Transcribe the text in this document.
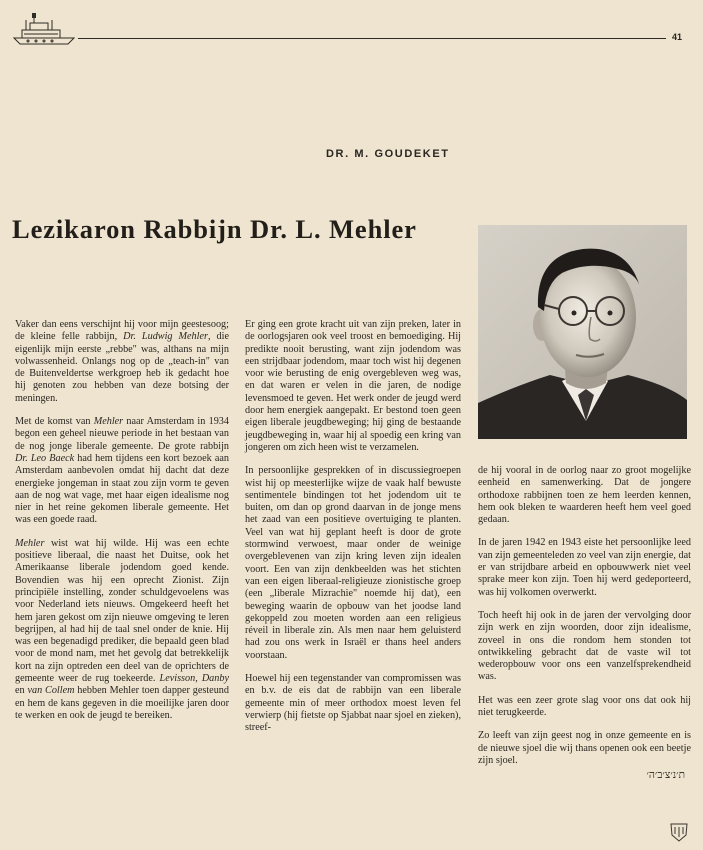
41
DR. M. GOUDEKET
Lezikaron Rabbijn Dr. L. Mehler

Vaker dan eens verschijnt hij voor mijn geestesoog; de kleine felle rabbijn, Dr. Ludwig Mehler, die eigenlijk mijn eerste „rebbe" was, althans na mijn volwassenheid. Onlangs nog op de „teach-in" van de Buitenveldertse werkgroep heb ik gedacht hoe hij genoten zou hebben van deze botsing der meningen.

Met de komst van Mehler naar Amsterdam in 1934 begon een geheel nieuwe periode in het bestaan van de nog jonge liberale gemeente. De grote rabbijn Dr. Leo Baeck had hem tijdens een kort bezoek aan Amsterdam aanbevolen omdat hij dacht dat deze energieke jongeman in staat zou zijn vorm te geven aan de nog wat vage, met haar eigen idealisme nog nier in het reine gekomen liberale gemeente. Het was een goede raad.

Mehler wist wat hij wilde. Hij was een echte positieve liberaal, die naast het Duitse, ook het Amerikaanse liberale jodendom goed kende. Bovendien was hij een oprecht Zionist. Zijn principiële instelling, zonder schuldgevoelens was voor Nederland iets nieuws. Omgekeerd heeft het hem jaren gekost om zijn nieuwe omgeving te leren begrijpen, al had hij de taal snel onder de knie. Hij was een begenadigd prediker, die bepaald geen blad voor de mond nam, met het gevolg dat betrekkelijk kort na zijn optreden een deel van de oprichters de gemeente weer de rug toekeerde. Levisson, Danby en van Collem hebben Mehler toen dapper gesteund en hem de kans gegeven in die moeilijke jaren door te werken en ook de jeugd te bereiken.

Er ging een grote kracht uit van zijn preken, later in de oorlogsjaren ook veel troost en bemoediging. Hij predikte nooit berusting, want zijn jodendom was een strijdbaar jodendom, maar toch wist hij degenen voor wie berusting de enig overgebleven weg was, en dat waren er velen in die jaren, de nodige levensmoed te geven. Het werk onder de jeugd werd door hem energiek aangepakt. Er bestond toen geen eigen liberale jeugdbeweging; hij ging de bestaande jeugdbeweging in, waar hij al spoedig een kring van jongeren om zich heen wist te verzamelen.

In persoonlijke gesprekken of in discussiegroepen wist hij op meesterlijke wijze de vaak half bewuste sentimentele bindingen tot het jodendom uit te buiten, om dan op grond daarvan in de jonge mens het zaad van een positieve overtuiging te planten. Veel van wat hij geplant heeft is door de grote stormwind verwoest, maar onder de weinige overgeblevenen van zijn kring leven zijn idealen voort. Een van zijn denkbeelden was het stichten van een eigen liberaal-religieuze zionistische groep (een „liberale Mizrachie" noemde hij dat), een beweging waarin de opbouw van het joodse land gekoppeld zou moeten worden aan een religieus réveil in liberale zin. Als men naar hem geluisterd had zou ons werk in Israël er thans heel anders voorstaan.

Hoewel hij een tegenstander van compromissen was en b.v. de eis dat de rabbijn van een liberale gemeente min of meer orthodox moest leven fel verwierp (hij fietste op Sjabbat naar sjoel en zieken), streef-

de hij vooral in de oorlog naar zo groot mogelijke eenheid en samenwerking. Dat de jongere orthodoxe rabbijnen toen ze hem leerden kennen, hem ook bleken te waarderen heeft hem veel goed gedaan.

In de jaren 1942 en 1943 eiste het persoonlijke leed van zijn gemeenteleden zo veel van zijn energie, dat er van strijdbare arbeid en opbouwwerk niet veel sprake meer kon zijn. Toen hij werd gedeporteerd, was hij volkomen overwerkt.

Toch heeft hij ook in de jaren der vervolging door zijn werk en zijn woorden, door zijn idealisme, zoveel in ons die rondom hem stonden tot ontwikkeling gebracht dat de vaste wil tot wederopbouw voor ons een vanzelfsprekendheid was.

Het was een zeer grote slag voor ons dat ook hij niet terugkeerde.

Zo leeft van zijn geest nog in onze gemeente en is de nieuwe sjoel die wij thans openen ook een beetje zijn sjoel.

ת׳נ׳צ׳ב׳ה׳
